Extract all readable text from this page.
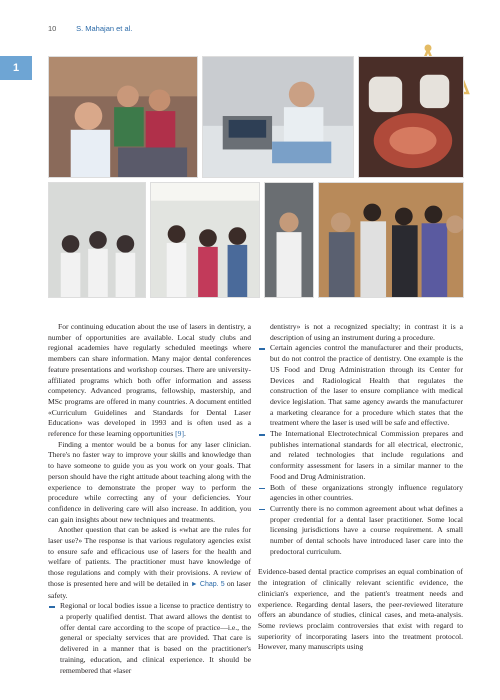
10	S. Mahajan et al.
1

For continuing education about the use of lasers in dentistry, a number of opportunities are available. Local study clubs and regional academies have regularly scheduled meetings where members can share information. Many major dental conferences feature presentations and workshop courses. There are university-affiliated programs which both offer information and assess competency. Advanced programs, fellowship, mastership, and MSc programs are offered in many countries. A document entitled «Curriculum Guidelines and Standards for Dental Laser Education» was developed in 1993 and is often used as a reference for these learning opportunities [9].

Finding a mentor would be a bonus for any laser clinician. There's no faster way to improve your skills and knowledge than to have someone to guide you as you work on your goals. That person should have the right attitude about teaching along with the experience to demonstrate the proper way to perform the procedure while correcting any of your deficiencies. Your confidence in delivering care will also increase. In addition, you can gain insights about new techniques and treatments.

Another question that can be asked is «what are the rules for laser use?» The response is that various regulatory agencies exist to ensure safe and efficacious use of lasers for the health and welfare of patients. The practitioner must have knowledge of those regulations and comply with their provisions. A review of those is presented here and will be detailed in ► Chap. 5 on laser safety.

Regional or local bodies issue a license to practice dentistry to a properly qualified dentist. That award allows the dentist to offer dental care according to the scope of practice—i.e., the general or specialty services that are provided. That care is delivered in a manner that is based on the practitioner's training, education, and clinical experience. It should be remembered that «laser
dentistry» is not a recognized specialty; in contrast it is a description of using an instrument during a procedure.
Certain agencies control the manufacturer and their products, but do not control the practice of dentistry. One example is the US Food and Drug Administration through its Center for Devices and Radiological Health that regulates the construction of the laser to ensure compliance with medical device legislation. That same agency awards the manufacturer a marketing clearance for a procedure which states that the treatment where the laser is used will be safe and effective.
The International Electrotechnical Commission prepares and publishes international standards for all electrical, electronic, and related technologies that include regulations and conformity assessment for lasers in a similar manner to the Food and Drug Administration.
Both of these organizations strongly influence regulatory agencies in other countries.
Currently there is no common agreement about what defines a proper credential for a dental laser practitioner. Some local licensing jurisdictions have a course requirement. A small number of dental schools have introduced laser care into the predoctoral curriculum.

Evidence-based dental practice comprises an equal combination of the integration of clinically relevant scientific evidence, the clinician's experience, and the patient's treatment needs and experience. Regarding dental lasers, the peer-reviewed literature offers an abundance of studies, clinical cases, and meta-analysis. Some reviews proclaim controversies that exist with regard to superiority of incorporating lasers into the treatment protocol. However, many manuscripts using
